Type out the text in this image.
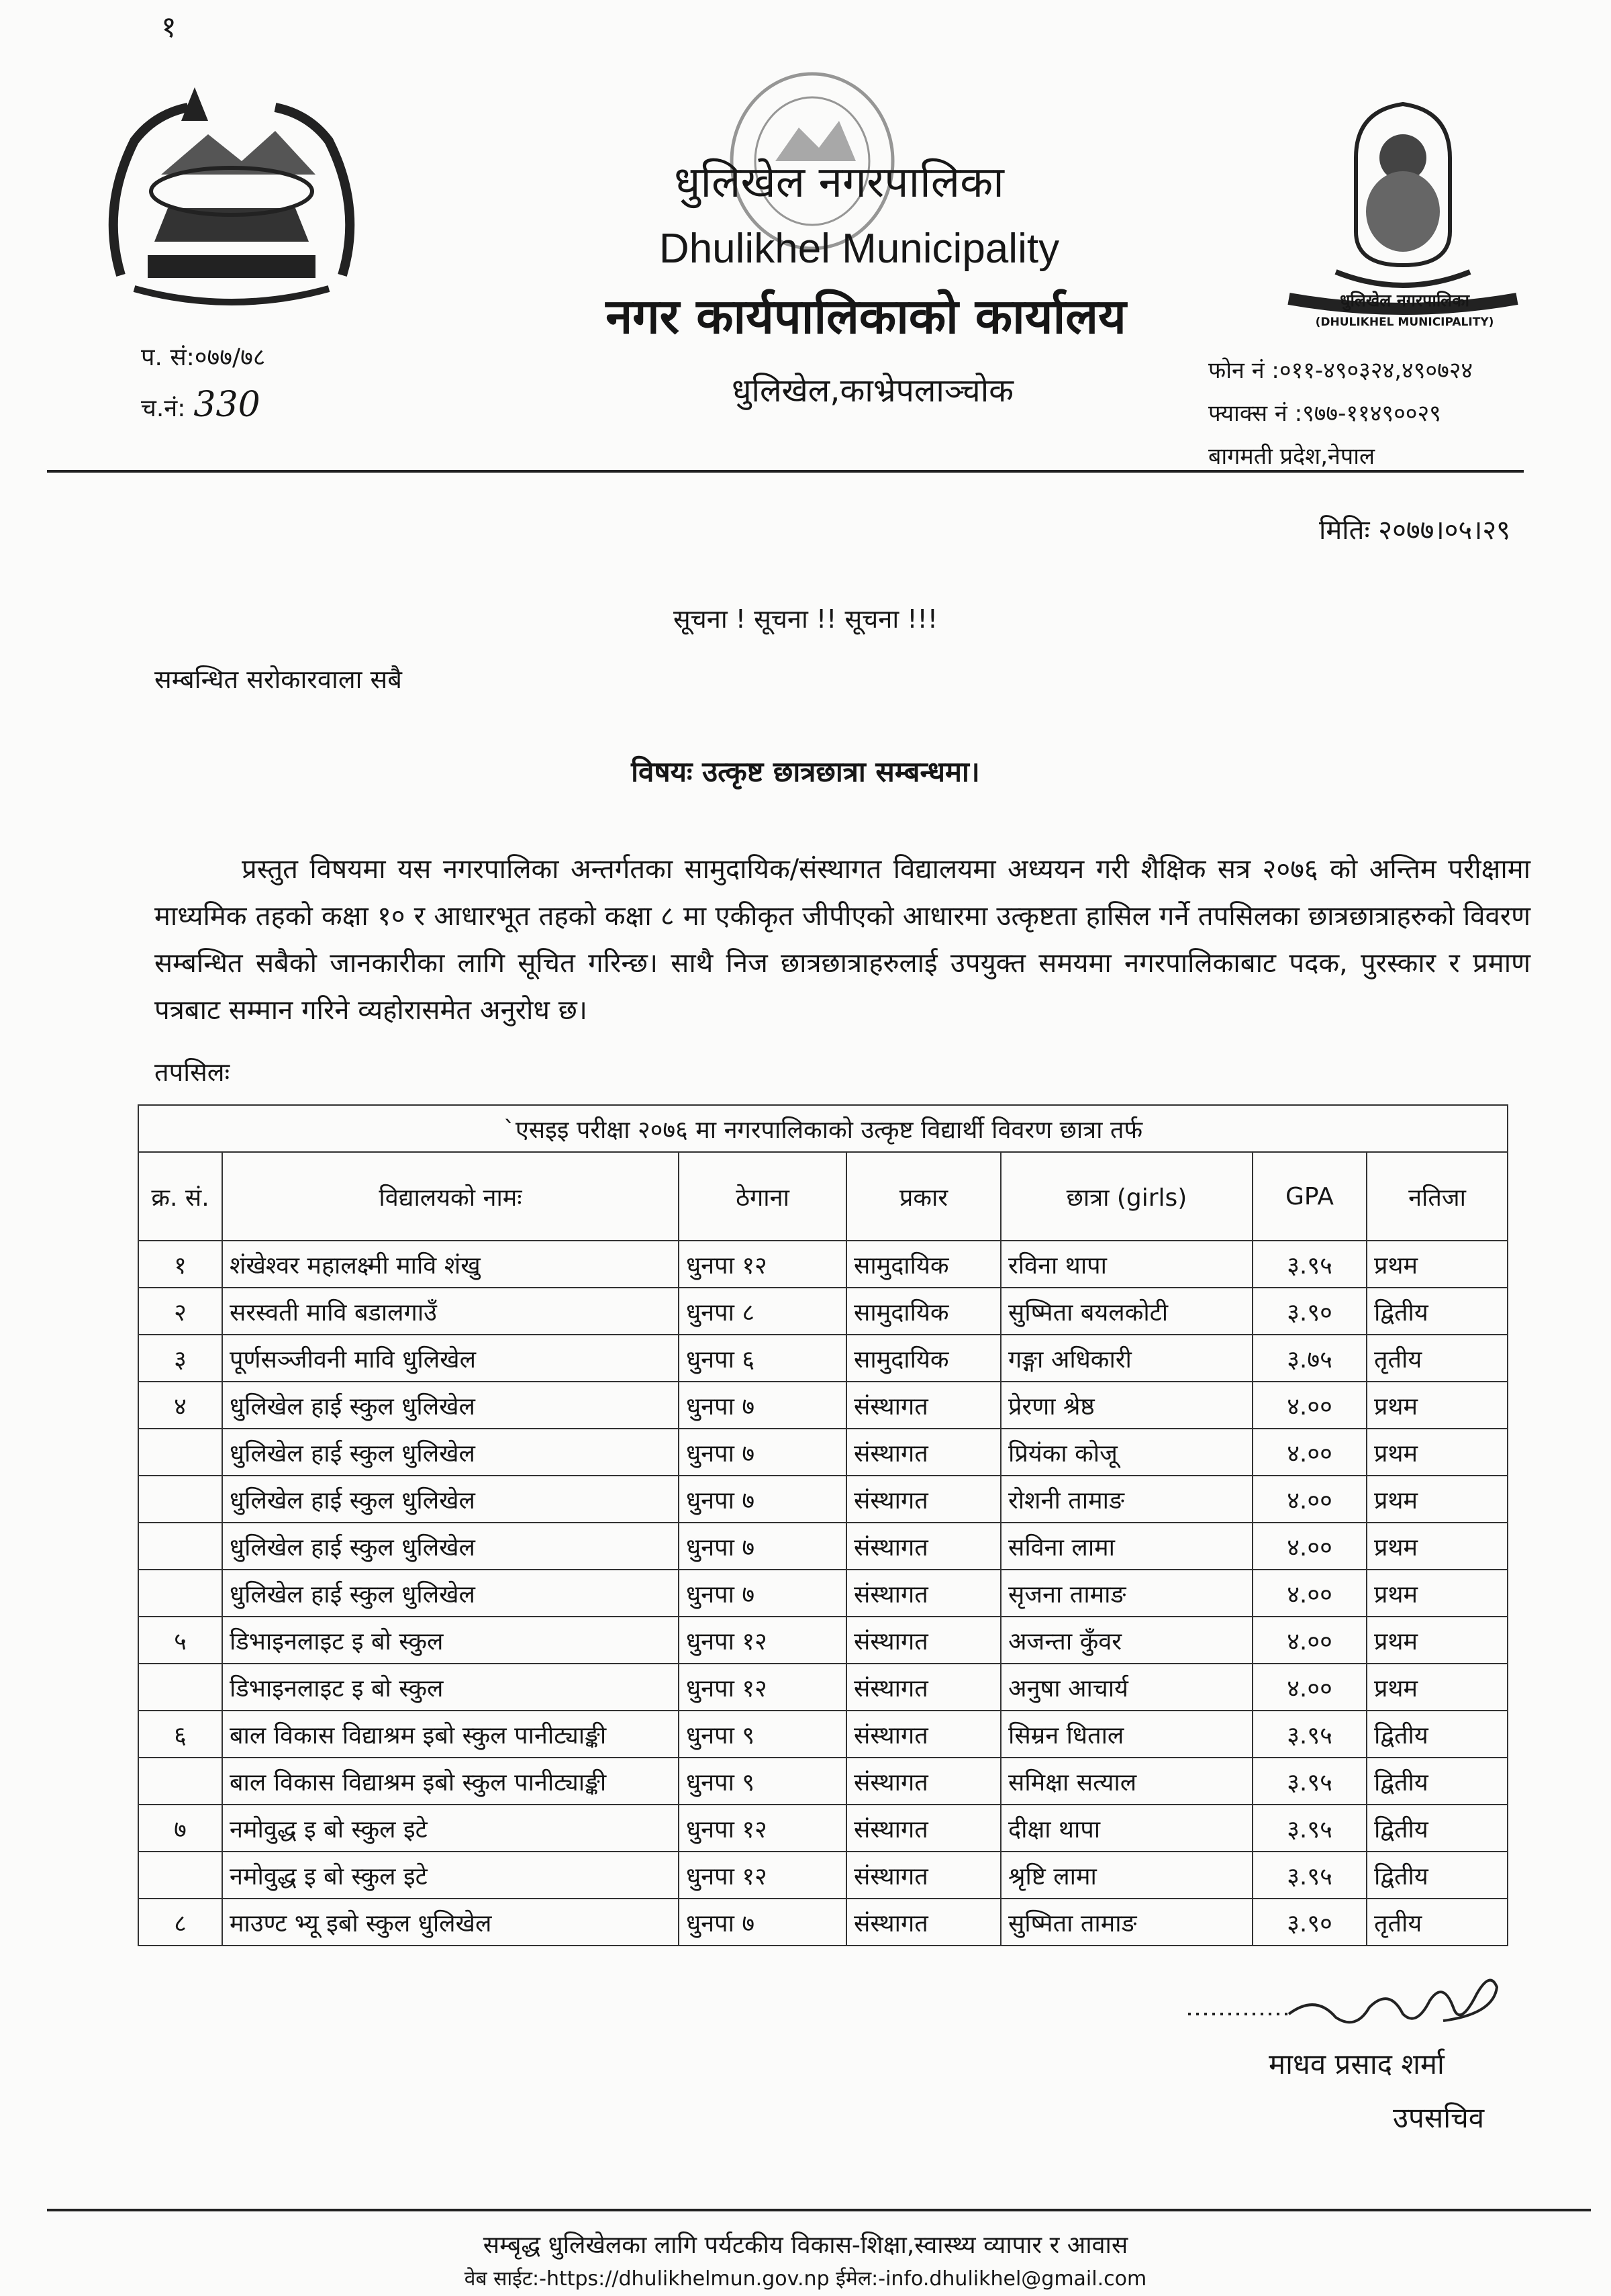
१
धुलिखेल नगरपालिका
(DHULIKHEL MUNICIPALITY)
धुलिखेल नगरपालिका
Dhulikhel Municipality
नगर कार्यपालिकाको कार्यालय
धुलिखेल,काभ्रेपलाञ्चोक
प. सं:०७७/७८
च.नं: 330
फोन नं :०११-४९०३२४,४९०७२४
फ्याक्स नं :९७७-११४९००२९
बागमती प्रदेश,नेपाल
मितिः २०७७।०५।२९
सूचना ! सूचना !! सूचना !!!
सम्बन्धित सरोकारवाला सबै
विषयः उत्कृष्ट छात्रछात्रा सम्बन्धमा।
प्रस्तुत विषयमा यस नगरपालिका अन्तर्गतका सामुदायिक/संस्थागत विद्यालयमा अध्ययन गरी शैक्षिक सत्र २०७६ को अन्तिम परीक्षामा माध्यमिक तहको कक्षा १० र आधारभूत तहको कक्षा ८ मा एकीकृत जीपीएको आधारमा उत्कृष्टता हासिल गर्ने तपसिलका छात्रछात्राहरुको विवरण सम्बन्धित सबैको जानकारीका लागि सूचित गरिन्छ। साथै निज छात्रछात्राहरुलाई उपयुक्त समयमा नगरपालिकाबाट पदक, पुरस्कार र प्रमाण पत्रबाट सम्मान गरिने व्यहोरासमेत अनुरोध छ।
तपसिलः
`एसइइ परीक्षा २०७६ मा नगरपालिकाको उत्कृष्ट विद्यार्थी विवरण छात्रा तर्फ						
क्र. सं.	विद्यालयको नामः	ठेगाना	प्रकार	छात्रा (girls)	GPA	नतिजा
१	शंखेश्वर महालक्ष्मी मावि शंखु	धुनपा १२	सामुदायिक	रविना थापा	३.९५	प्रथम
२	सरस्वती मावि बडालगाउँ	धुनपा ८	सामुदायिक	सुष्मिता बयलकोटी	३.९०	द्वितीय
३	पूर्णसञ्जीवनी मावि धुलिखेल	धुनपा ६	सामुदायिक	गङ्गा अधिकारी	३.७५	तृतीय
४	धुलिखेल हाई स्कुल धुलिखेल	धुनपा ७	संस्थागत	प्रेरणा श्रेष्ठ	४.००	प्रथम
	धुलिखेल हाई स्कुल धुलिखेल	धुनपा ७	संस्थागत	प्रियंका कोजू	४.००	प्रथम
	धुलिखेल हाई स्कुल धुलिखेल	धुनपा ७	संस्थागत	रोशनी तामाङ	४.००	प्रथम
	धुलिखेल हाई स्कुल धुलिखेल	धुनपा ७	संस्थागत	सविना लामा	४.००	प्रथम
	धुलिखेल हाई स्कुल धुलिखेल	धुनपा ७	संस्थागत	सृजना तामाङ	४.००	प्रथम
५	डिभाइनलाइट इ बो स्कुल	धुनपा १२	संस्थागत	अजन्ता कुँवर	४.००	प्रथम
	डिभाइनलाइट इ बो स्कुल	धुनपा १२	संस्थागत	अनुषा आचार्य	४.००	प्रथम
६	बाल विकास विद्याश्रम इबो स्कुल पानीट्याङ्की	धुनपा ९	संस्थागत	सिम्रन धिताल	३.९५	द्वितीय
	बाल विकास विद्याश्रम इबो स्कुल पानीट्याङ्की	धुनपा ९	संस्थागत	समिक्षा सत्याल	३.९५	द्वितीय
७	नमोवुद्ध इ बो स्कुल इटे	धुनपा १२	संस्थागत	दीक्षा थापा	३.९५	द्वितीय
	नमोवुद्ध इ बो स्कुल इटे	धुनपा १२	संस्थागत	श्रृष्टि लामा	३.९५	द्वितीय
८	माउण्ट भ्यू इबो स्कुल धुलिखेल	धुनपा ७	संस्थागत	सुष्मिता तामाङ	३.९०	तृतीय
माधव प्रसाद शर्मा
उपसचिव
सम्बृद्ध धुलिखेलका लागि पर्यटकीय विकास-शिक्षा,स्वास्थ्य व्यापार र आवास
वेब साईट:-https://dhulikhelmun.gov.np ईमेल:-info.dhulikhel@gmail.com
